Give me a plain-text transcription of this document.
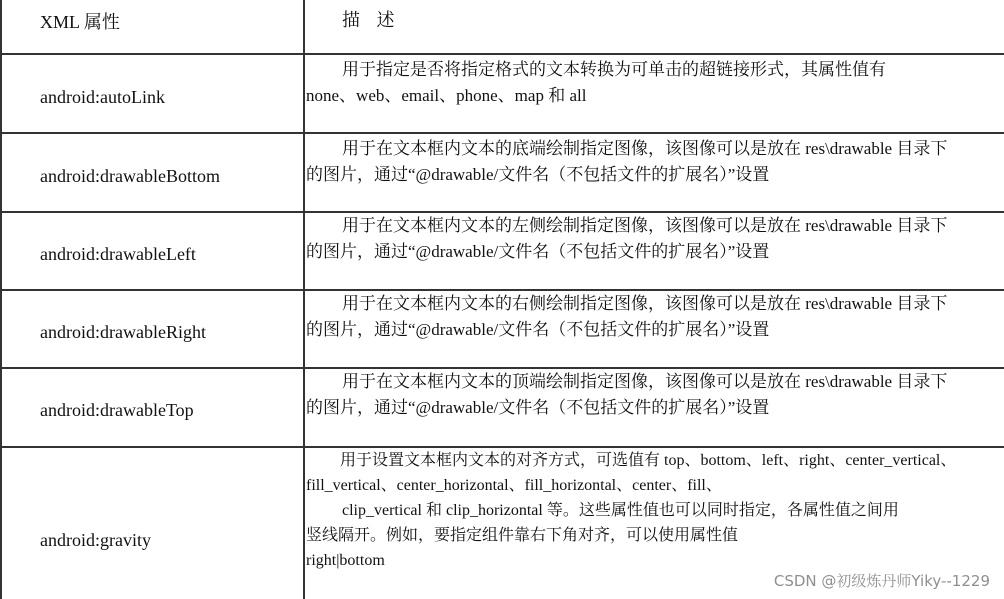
XML 属性	描 述
android:autoLink
用于指定是否将指定格式的文本转换为可单击的超链接形式，其属性值有
none、web、email、phone、map 和 all
android:drawableBottom
用于在文本框内文本的底端绘制指定图像，该图像可以是放在 res\drawable 目录下
的图片，通过“@drawable/文件名（不包括文件的扩展名）”设置
android:drawableLeft
用于在文本框内文本的左侧绘制指定图像，该图像可以是放在 res\drawable 目录下
的图片，通过“@drawable/文件名（不包括文件的扩展名）”设置
android:drawableRight
用于在文本框内文本的右侧绘制指定图像，该图像可以是放在 res\drawable 目录下
的图片，通过“@drawable/文件名（不包括文件的扩展名）”设置
android:drawableTop
用于在文本框内文本的顶端绘制指定图像，该图像可以是放在 res\drawable 目录下
的图片，通过“@drawable/文件名（不包括文件的扩展名）”设置
android:gravity
用于设置文本框内文本的对齐方式，可选值有 top、bottom、left、right、center_vertical、
fill_vertical、center_horizontal、fill_horizontal、center、fill、
clip_vertical 和 clip_horizontal 等。这些属性值也可以同时指定，各属性值之间用
竖线隔开。例如，要指定组件靠右下角对齐，可以使用属性值
right|bottom
CSDN @初级炼丹师Yiky--1229
